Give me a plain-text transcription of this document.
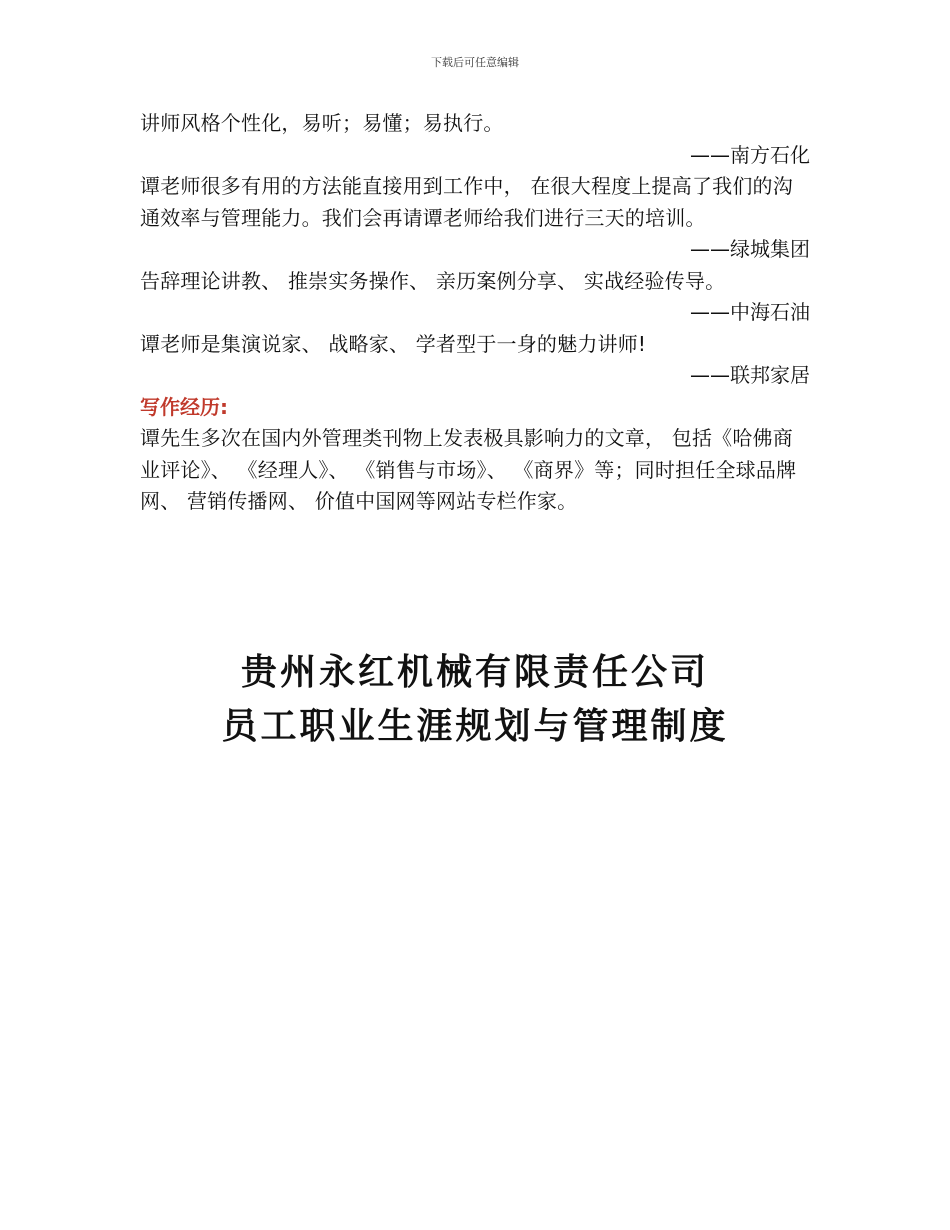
下载后可任意编辑

讲师风格个性化，易听；易懂；易执行。

——南方石化

谭老师很多有用的方法能直接用到工作中， 在很大程度上提高了我们的沟通效率与管理能力。我们会再请谭老师给我们进行三天的培训。

——绿城集团

告辞理论讲教、 推崇实务操作、 亲历案例分享、 实战经验传导。

——中海石油

谭老师是集演说家、 战略家、 学者型于一身的魅力讲师!

——联邦家居

写作经历:

谭先生多次在国内外管理类刊物上发表极具影响力的文章， 包括《哈佛商业评论》、 《经理人》、 《销售与市场》、 《商界》等；同时担任全球品牌网、 营销传播网、 价值中国网等网站专栏作家。

贵州永红机械有限责任公司

员工职业生涯规划与管理制度
